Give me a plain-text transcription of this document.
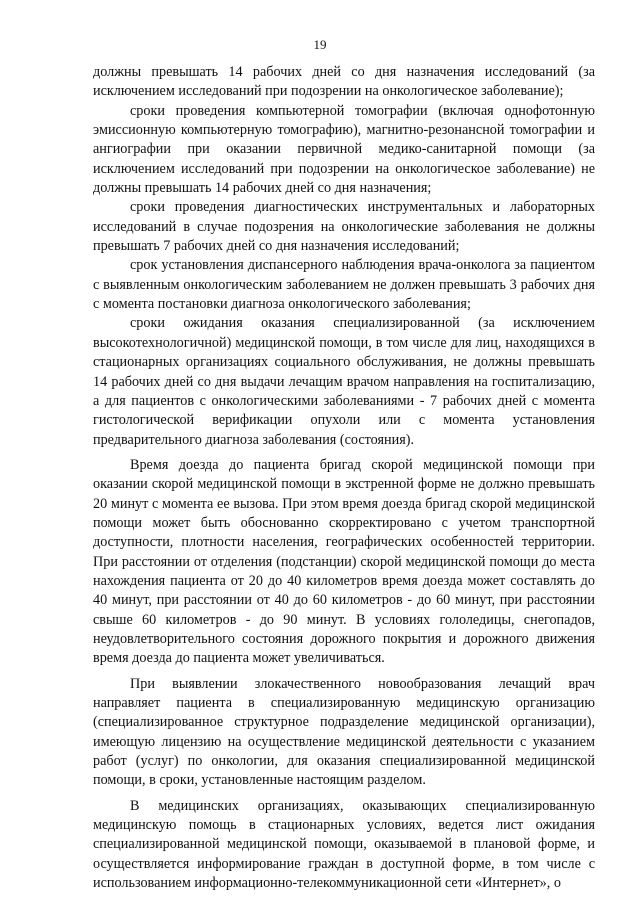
19

должны превышать 14 рабочих дней со дня назначения исследований (за исключением исследований при подозрении на онкологическое заболевание);

сроки проведения компьютерной томографии (включая однофотонную эмиссионную компьютерную томографию), магнитно-резонансной томографии и ангиографии при оказании первичной медико-санитарной помощи (за исключением исследований при подозрении на онкологическое заболевание) не должны превышать 14 рабочих дней со дня назначения;

сроки проведения диагностических инструментальных и лабораторных исследований в случае подозрения на онкологические заболевания не должны превышать 7 рабочих дней со дня назначения исследований;

срок установления диспансерного наблюдения врача-онколога за пациентом с выявленным онкологическим заболеванием не должен превышать 3 рабочих дня с момента постановки диагноза онкологического заболевания;

сроки ожидания оказания специализированной (за исключением высокотехнологичной) медицинской помощи, в том числе для лиц, находящихся в стационарных организациях социального обслуживания, не должны превышать 14 рабочих дней со дня выдачи лечащим врачом направления на госпитализацию, а для пациентов с онкологическими заболеваниями - 7 рабочих дней с момента гистологической верификации опухоли или с момента установления предварительного диагноза заболевания (состояния).

Время доезда до пациента бригад скорой медицинской помощи при оказании скорой медицинской помощи в экстренной форме не должно превышать 20 минут с момента ее вызова. При этом время доезда бригад скорой медицинской помощи может быть обоснованно скорректировано с учетом транспортной доступности, плотности населения, географических особенностей территории. При расстоянии от отделения (подстанции) скорой медицинской помощи до места нахождения пациента от 20 до 40 километров время доезда может составлять до 40 минут, при расстоянии от 40 до 60 километров - до 60 минут, при расстоянии свыше 60 километров - до 90 минут. В условиях гололедицы, снегопадов, неудовлетворительного состояния дорожного покрытия и дорожного движения время доезда до пациента может увеличиваться.

При выявлении злокачественного новообразования лечащий врач направляет пациента в специализированную медицинскую организацию (специализированное структурное подразделение медицинской организации), имеющую лицензию на осуществление медицинской деятельности с указанием работ (услуг) по онкологии, для оказания специализированной медицинской помощи, в сроки, установленные настоящим разделом.

В медицинских организациях, оказывающих специализированную медицинскую помощь в стационарных условиях, ведется лист ожидания специализированной медицинской помощи, оказываемой в плановой форме, и осуществляется информирование граждан в доступной форме, в том числе с использованием информационно-телекоммуникационной сети «Интернет», о
